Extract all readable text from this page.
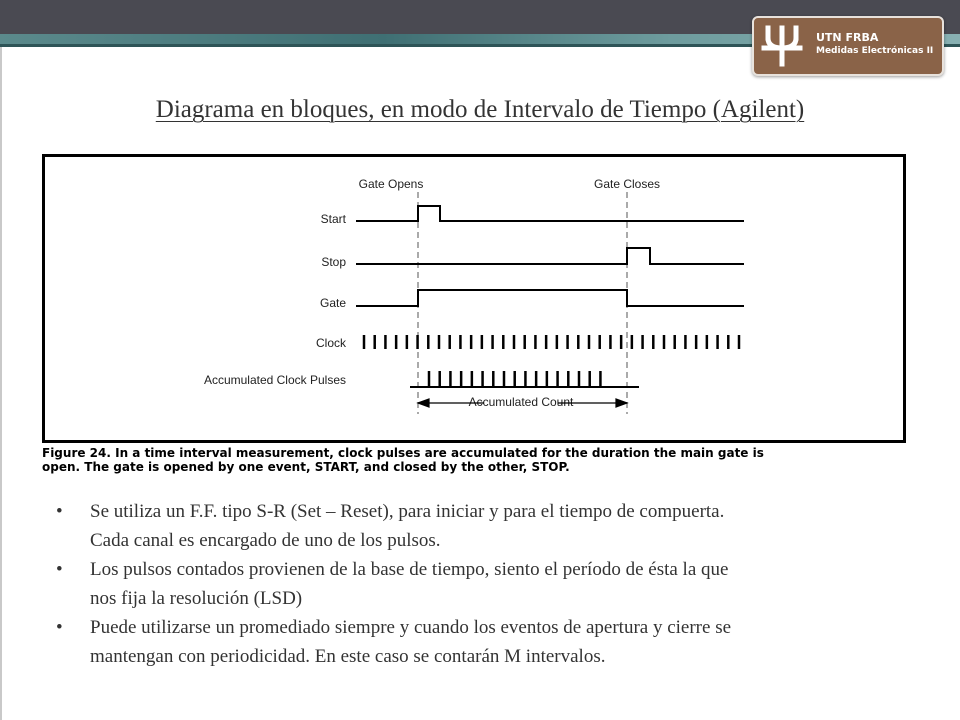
UTN FRBA
Medidas Electrónicas II
Diagrama en bloques, en modo de Intervalo de Tiempo (Agilent)
Gate Opens	Gate Closes
Start
Stop
Gate
Clock
Accumulated Clock Pulses
Accumulated Count
Figure 24. In a time interval measurement, clock pulses are accumulated for the duration the main gate is
open. The gate is opened by one event, START, and closed by the other, STOP.
• Se utiliza un F.F. tipo S-R (Set – Reset), para iniciar y para el tiempo de compuerta.
Cada canal es encargado de uno de los pulsos.
• Los pulsos contados provienen de la base de tiempo, siento el período de ésta la que
nos fija la resolución (LSD)
• Puede utilizarse un promediado siempre y cuando los eventos de apertura y cierre se
mantengan con periodicidad. En este caso se contarán M intervalos.
